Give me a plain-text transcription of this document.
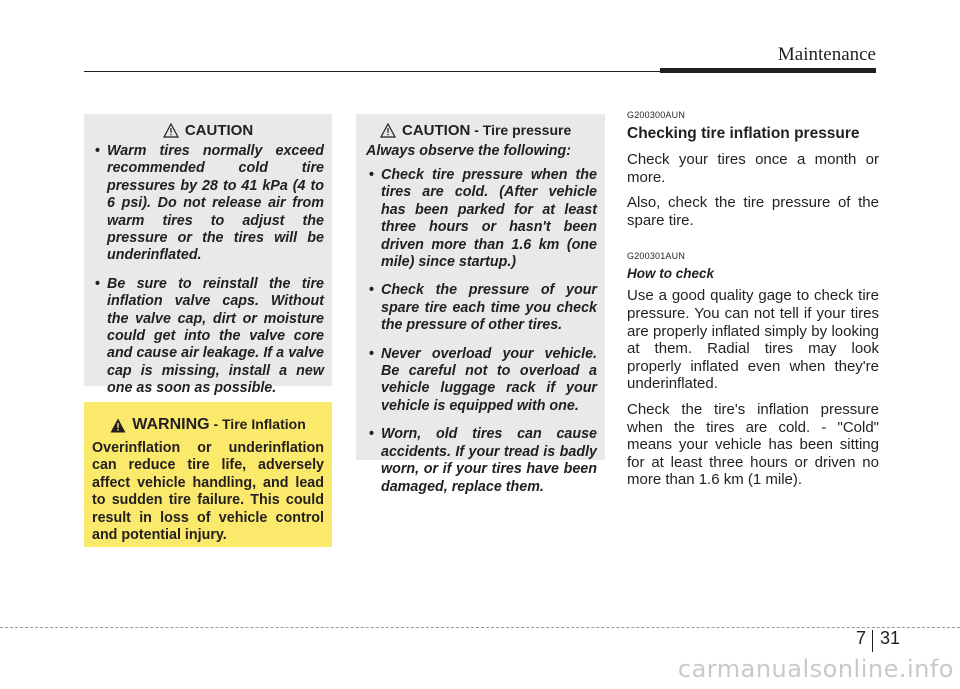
Maintenance
CAUTION
• Warm tires normally exceed recommended cold tire pressures by 28 to 41 kPa (4 to 6 psi). Do not release air from warm tires to adjust the pressure or the tires will be underinflated.
• Be sure to reinstall the tire inflation valve caps. Without the valve cap, dirt or moisture could get into the valve core and cause air leakage. If a valve cap is missing, install a new one as soon as possible.
WARNING - Tire Inflation
Overinflation or underinflation can reduce tire life, adversely affect vehicle handling, and lead to sudden tire failure. This could result in loss of vehicle control and potential injury.
CAUTION - Tire pressure
Always observe the following:
• Check tire pressure when the tires are cold. (After vehicle has been parked for at least three hours or hasn't been driven more than 1.6 km (one mile) since startup.)
• Check the pressure of your spare tire each time you check the pressure of other tires.
• Never overload your vehicle. Be careful not to overload a vehicle luggage rack if your vehicle is equipped with one.
• Worn, old tires can cause accidents. If your tread is badly worn, or if your tires have been damaged, replace them.
G200300AUN
Checking tire inflation pressure
Check your tires once a month or more.
Also, check the tire pressure of the spare tire.
G200301AUN
How to check
Use a good quality gage to check tire pressure. You can not tell if your tires are properly inflated simply by looking at them. Radial tires may look properly inflated even when they're underinflated.
Check the tire's inflation pressure when the tires are cold. - "Cold" means your vehicle has been sitting for at least three hours or driven no more than 1.6 km (1 mile).
7 31
carmanualsonline.info
